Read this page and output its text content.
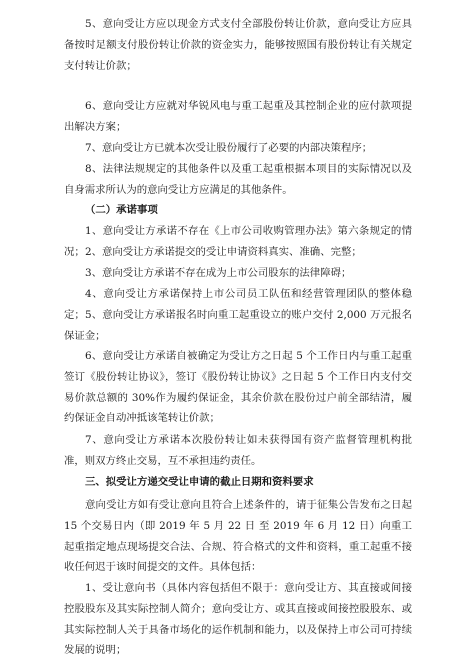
5、意向受让方应以现金方式支付全部股份转让价款，意向受让方应具备按时足额支付股份转让价款的资金实力，能够按照国有股份转让有关规定支付转让价款；

6、意向受让方应就对华锐风电与重工起重及其控制企业的应付款项提出解决方案；

7、意向受让方已就本次受让股份履行了必要的内部决策程序；

8、法律法规规定的其他条件以及重工起重根据本项目的实际情况以及自身需求所认为的意向受让方应满足的其他条件。

（二）承诺事项

1、意向受让方承诺不存在《上市公司收购管理办法》第六条规定的情况； 2、意向受让方承诺提交的受让申请资料真实、准确、完整；

3、意向受让方承诺不存在成为上市公司股东的法律障碍；

4、意向受让方承诺保持上市公司员工队伍和经营管理团队的整体稳定； 5、意向受让方承诺报名时向重工起重设立的账户交付 2,000 万元报名保证金；

6、意向受让方承诺自被确定为受让方之日起 5 个工作日内与重工起重签订《股份转让协议》，签订《股份转让协议》之日起 5 个工作日内支付交易价款总额的 30%作为履约保证金，其余价款在股份过户前全部结清，履约保证金自动冲抵该笔转让价款；

7、意向受让方承诺本次股份转让如未获得国有资产监督管理机构批准，则双方终止交易，互不承担违约责任。

三、拟受让方递交受让申请的截止日期和资料要求

意向受让方如有受让意向且符合上述条件的，请于征集公告发布之日起 15 个交易日内（即 2019 年 5 月 22 日 至 2019 年 6 月 12 日）向重工起重指定地点现场提交合法、合规、符合格式的文件和资料，重工起重不接收任何迟于该时间提交的文件。具体包括：

1、受让意向书（具体内容包括但不限于：意向受让方、其直接或间接控股股东及其实际控制人简介；意向受让方、或其直接或间接控股股东、或其实际控制人关于具备市场化的运作机制和能力，以及保持上市公司可持续发展的说明；
